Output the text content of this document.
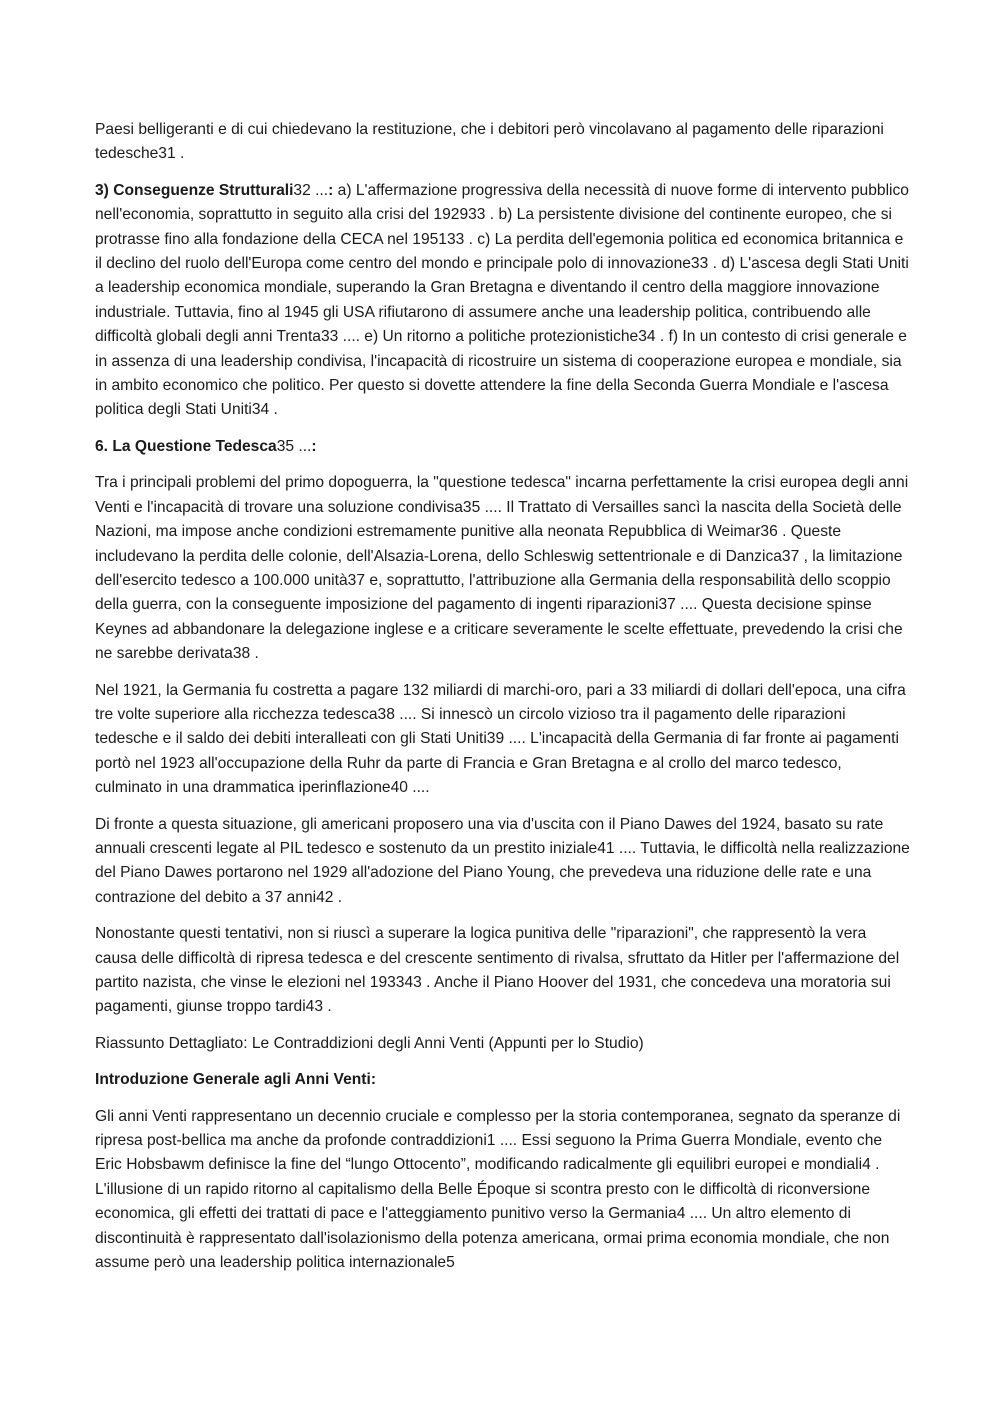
Paesi belligeranti e di cui chiedevano la restituzione, che i debitori però vincolavano al pagamento delle riparazioni tedesche31 .

3) Conseguenze Strutturali32 ...: a) L'affermazione progressiva della necessità di nuove forme di intervento pubblico nell'economia, soprattutto in seguito alla crisi del 192933 . b) La persistente divisione del continente europeo, che si protrasse fino alla fondazione della CECA nel 195133 . c) La perdita dell'egemonia politica ed economica britannica e il declino del ruolo dell'Europa come centro del mondo e principale polo di innovazione33 . d) L'ascesa degli Stati Uniti a leadership economica mondiale, superando la Gran Bretagna e diventando il centro della maggiore innovazione industriale. Tuttavia, fino al 1945 gli USA rifiutarono di assumere anche una leadership politica, contribuendo alle difficoltà globali degli anni Trenta33 .... e) Un ritorno a politiche protezionistiche34 . f) In un contesto di crisi generale e in assenza di una leadership condivisa, l'incapacità di ricostruire un sistema di cooperazione europea e mondiale, sia in ambito economico che politico. Per questo si dovette attendere la fine della Seconda Guerra Mondiale e l'ascesa politica degli Stati Uniti34 .

6. La Questione Tedesca35 ...:

Tra i principali problemi del primo dopoguerra, la "questione tedesca" incarna perfettamente la crisi europea degli anni Venti e l'incapacità di trovare una soluzione condivisa35 .... Il Trattato di Versailles sancì la nascita della Società delle Nazioni, ma impose anche condizioni estremamente punitive alla neonata Repubblica di Weimar36 . Queste includevano la perdita delle colonie, dell'Alsazia-Lorena, dello Schleswig settentrionale e di Danzica37 , la limitazione dell'esercito tedesco a 100.000 unità37 e, soprattutto, l'attribuzione alla Germania della responsabilità dello scoppio della guerra, con la conseguente imposizione del pagamento di ingenti riparazioni37 .... Questa decisione spinse Keynes ad abbandonare la delegazione inglese e a criticare severamente le scelte effettuate, prevedendo la crisi che ne sarebbe derivata38 .

Nel 1921, la Germania fu costretta a pagare 132 miliardi di marchi-oro, pari a 33 miliardi di dollari dell'epoca, una cifra tre volte superiore alla ricchezza tedesca38 .... Si innescò un circolo vizioso tra il pagamento delle riparazioni tedesche e il saldo dei debiti interalleati con gli Stati Uniti39 .... L'incapacità della Germania di far fronte ai pagamenti portò nel 1923 all'occupazione della Ruhr da parte di Francia e Gran Bretagna e al crollo del marco tedesco, culminato in una drammatica iperinflazione40 ....

Di fronte a questa situazione, gli americani proposero una via d'uscita con il Piano Dawes del 1924, basato su rate annuali crescenti legate al PIL tedesco e sostenuto da un prestito iniziale41 .... Tuttavia, le difficoltà nella realizzazione del Piano Dawes portarono nel 1929 all'adozione del Piano Young, che prevedeva una riduzione delle rate e una contrazione del debito a 37 anni42 .

Nonostante questi tentativi, non si riuscì a superare la logica punitiva delle "riparazioni", che rappresentò la vera causa delle difficoltà di ripresa tedesca e del crescente sentimento di rivalsa, sfruttato da Hitler per l'affermazione del partito nazista, che vinse le elezioni nel 193343 . Anche il Piano Hoover del 1931, che concedeva una moratoria sui pagamenti, giunse troppo tardi43 .

Riassunto Dettagliato: Le Contraddizioni degli Anni Venti (Appunti per lo Studio)

Introduzione Generale agli Anni Venti:

Gli anni Venti rappresentano un decennio cruciale e complesso per la storia contemporanea, segnato da speranze di ripresa post-bellica ma anche da profonde contraddizioni1 .... Essi seguono la Prima Guerra Mondiale, evento che Eric Hobsbawm definisce la fine del “lungo Ottocento”, modificando radicalmente gli equilibri europei e mondiali4 . L'illusione di un rapido ritorno al capitalismo della Belle Époque si scontra presto con le difficoltà di riconversione economica, gli effetti dei trattati di pace e l'atteggiamento punitivo verso la Germania4 .... Un altro elemento di discontinuità è rappresentato dall'isolazionismo della potenza americana, ormai prima economia mondiale, che non assume però una leadership politica internazionale5
